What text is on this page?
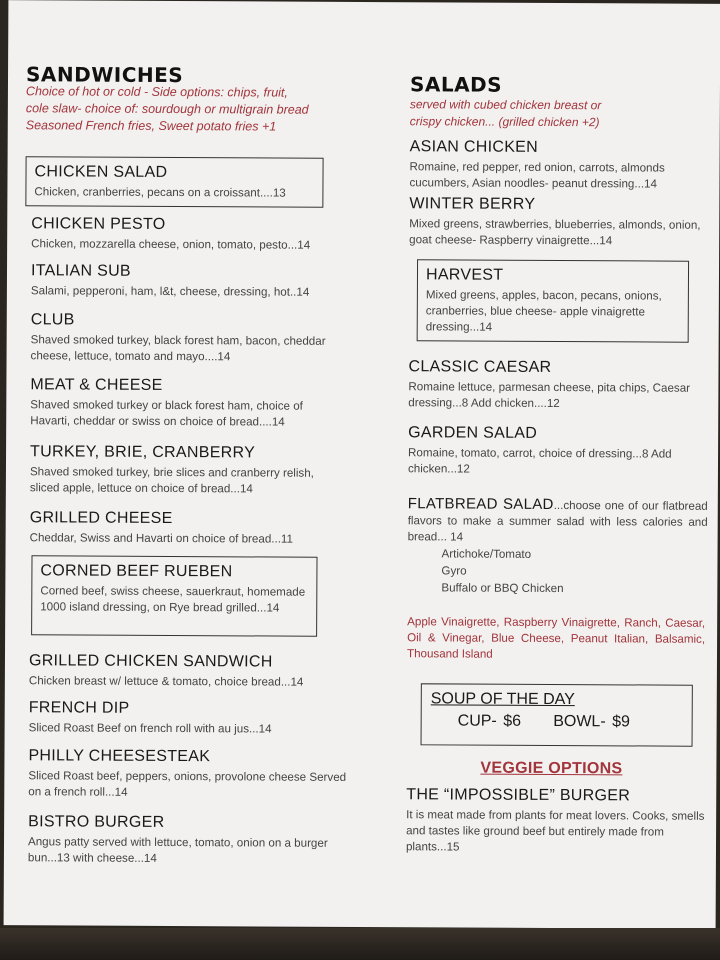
SANDWICHES
Choice of hot or cold - Side options: chips, fruit,
cole slaw- choice of: sourdough or multigrain bread
Seasoned French fries, Sweet potato fries +1

CHICKEN SALAD

Chicken, cranberries, pecans on a croissant....13

CHICKEN PESTO

Chicken, mozzarella cheese, onion, tomato, pesto...14

ITALIAN SUB

Salami, pepperoni, ham, l&t, cheese, dressing, hot..14

CLUB

Shaved smoked turkey, black forest ham, bacon, cheddar cheese, lettuce, tomato and mayo....14

MEAT & CHEESE

Shaved smoked turkey or black forest ham, choice of Havarti, cheddar or swiss on choice of bread....14

TURKEY, BRIE, CRANBERRY

Shaved smoked turkey, brie slices and cranberry relish, sliced apple, lettuce on choice of bread...14

GRILLED CHEESE

Cheddar, Swiss and Havarti on choice of bread...11

CORNED BEEF RUEBEN

Corned beef, swiss cheese, sauerkraut, homemade 1000 island dressing, on Rye bread grilled...14

GRILLED CHICKEN SANDWICH

Chicken breast w/ lettuce & tomato, choice bread...14

FRENCH DIP

Sliced Roast Beef on french roll with au jus...14

PHILLY CHEESESTEAK

Sliced Roast beef, peppers, onions, provolone cheese Served on a french roll...14

BISTRO BURGER

Angus patty served with lettuce, tomato, onion on a burger bun...13 with cheese...14

SALADS
served with cubed chicken breast or
crispy chicken... (grilled chicken +2)

ASIAN CHICKEN

Romaine, red pepper, red onion, carrots, almonds cucumbers, Asian noodles- peanut dressing...14

WINTER BERRY

Mixed greens, strawberries, blueberries, almonds, onion, goat cheese- Raspberry vinaigrette...14

HARVEST

Mixed greens, apples, bacon, pecans, onions, cranberries, blue cheese- apple vinaigrette dressing...14

CLASSIC CAESAR

Romaine lettuce, parmesan cheese, pita chips, Caesar dressing...8 Add chicken....12

GARDEN SALAD

Romaine, tomato, carrot, choice of dressing...8 Add chicken...12

FLATBREAD SALAD...choose one of our flatbread flavors to make a summer salad with less calories and bread... 14

Artichoke/Tomato
Gyro
Buffalo or BBQ Chicken

Apple Vinaigrette, Raspberry Vinaigrette, Ranch, Caesar, Oil & Vinegar, Blue Cheese, Peanut Italian, Balsamic, Thousand Island

SOUP OF THE DAY

CUP- $6     BOWL- $9

VEGGIE OPTIONS

THE “IMPOSSIBLE” BURGER

It is meat made from plants for meat lovers. Cooks, smells and tastes like ground beef but entirely made from plants...15
